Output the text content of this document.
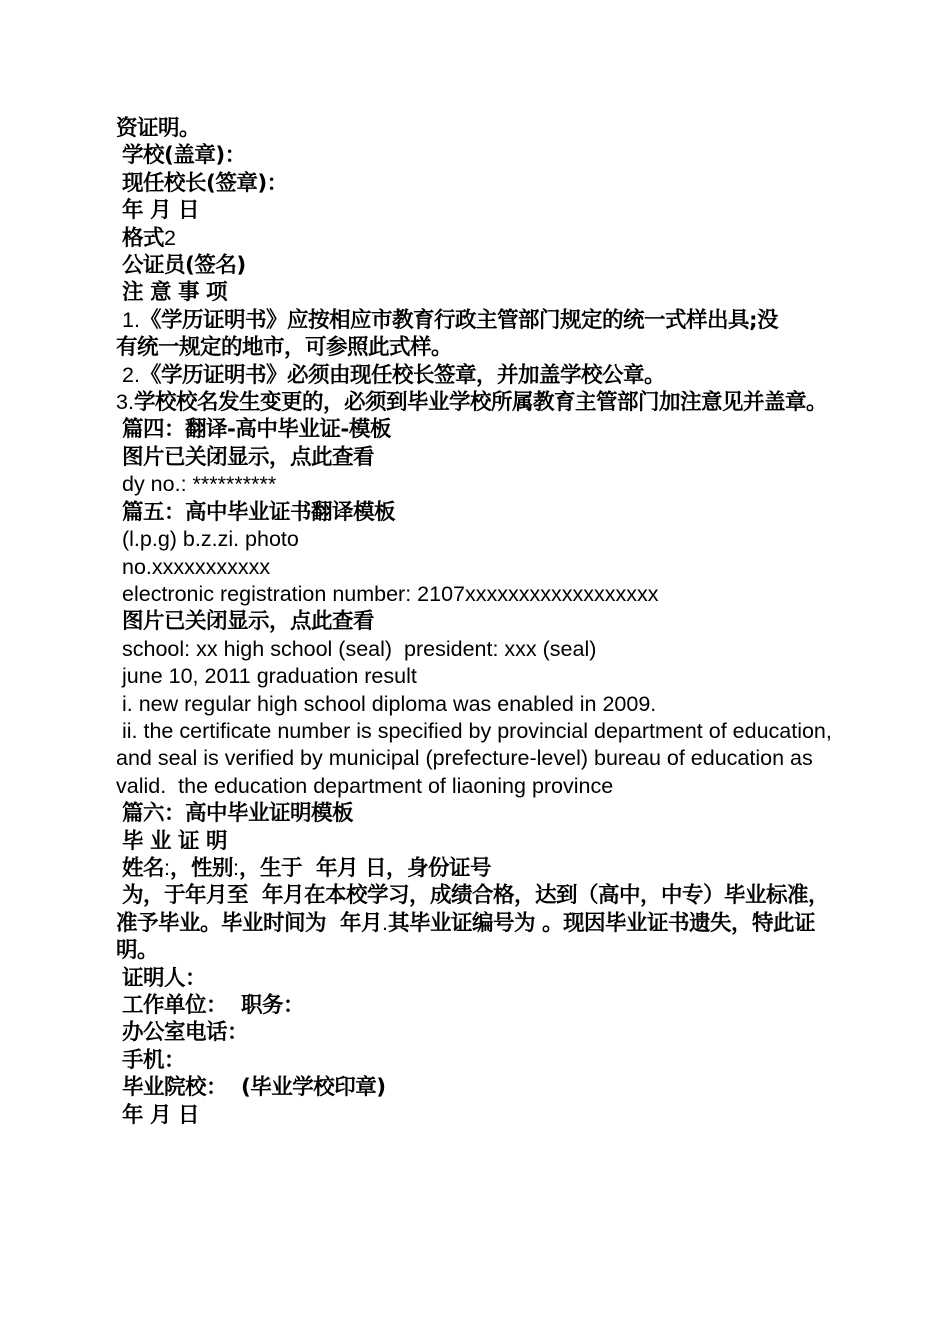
资证明。
学校(盖章)：
现任校长(签章)：
年 月 日
格式2
公证员(签名)
注 意 事 项
1.《学历证明书》应按相应市教育行政主管部门规定的统一式样出具;没
有统一规定的地市，可参照此式样。
2.《学历证明书》必须由现任校长签章，并加盖学校公章。
3.学校校名发生变更的，必须到毕业学校所属教育主管部门加注意见并盖章。
篇四：翻译-高中毕业证-模板
图片已关闭显示，点此查看
dy no.: **********
篇五：高中毕业证书翻译模板
(l.p.g) b.z.zi. photo
no.xxxxxxxxxxx
electronic registration number: 2107xxxxxxxxxxxxxxxxxx
图片已关闭显示，点此查看
school: xx high school (seal)  president: xxx (seal)
june 10, 2011 graduation result
i. new regular high school diploma was enabled in 2009.
ii. the certificate number is specified by provincial department of education, and seal is verified by municipal (prefecture-level) bureau of education as valid.  the education department of liaoning province
篇六：高中毕业证明模板
毕 业 证 明
姓名:，性别:，生于  年月 日，身份证号
为，于年月至  年月在本校学习，成绩合格，达到（高中，中专）毕业标准，准予毕业。毕业时间为  年月.其毕业证编号为 。现因毕业证书遗失，特此证明。
证明人：
工作单位：  职务：
办公室电话：
手机：
毕业院校：  (毕业学校印章)
年 月 日
